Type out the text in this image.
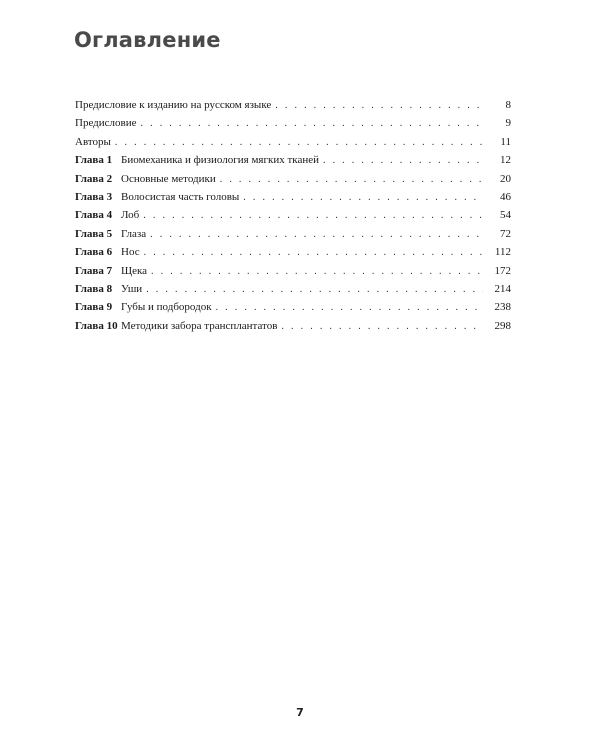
Оглавление
Предисловие к изданию на русском языке . . .	8
Предисловие . . .	9
Авторы . . .	11
Глава 1 Биомеханика и физиология мягких тканей . . .	12
Глава 2 Основные методики . . .	20
Глава 3 Волосистая часть головы . . .	46
Глава 4 Лоб . . .	54
Глава 5 Глаза . . .	72
Глава 6 Нос . . .	112
Глава 7 Щека . . .	172
Глава 8 Уши . . .	214
Глава 9 Губы и подбородок . . .	238
Глава 10 Методики забора трансплантатов . . .	298
7
